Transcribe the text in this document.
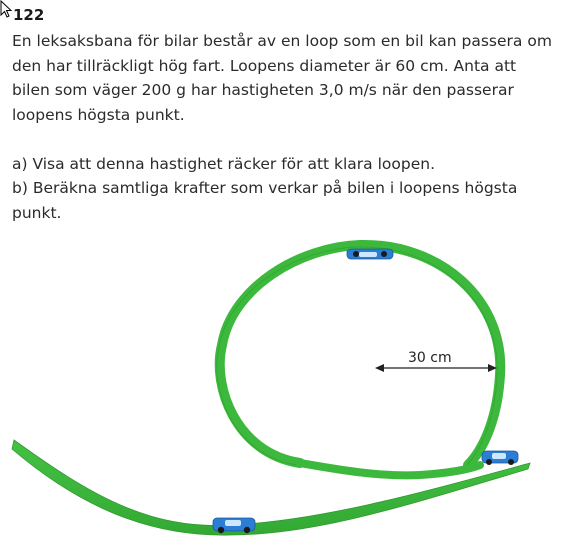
122
En leksaksbana för bilar består av en loop som en bil kan passera om
den har tillräckligt hög fart. Loopens diameter är 60 cm. Anta att
bilen som väger 200 g har hastigheten 3,0 m/s när den passerar
loopens högsta punkt.
a) Visa att denna hastighet räcker för att klara loopen.
b) Beräkna samtliga krafter som verkar på bilen i loopens högsta
punkt.
30 cm
